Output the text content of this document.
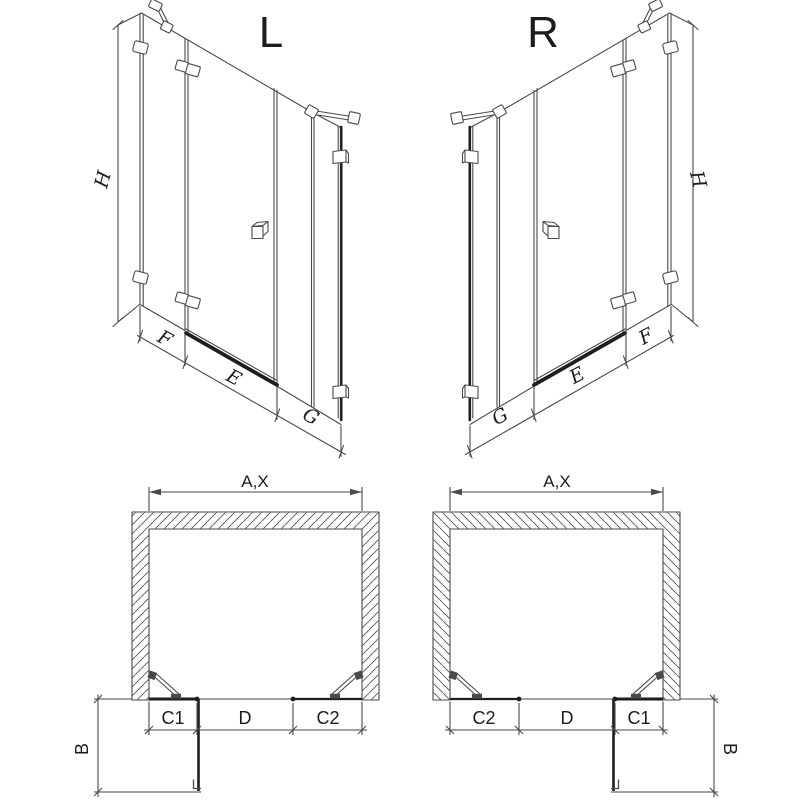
L
H
F
E
G
R
H
G
E
F
A,X
C1	D	C2
B
A,X
C2	D	C1
B
